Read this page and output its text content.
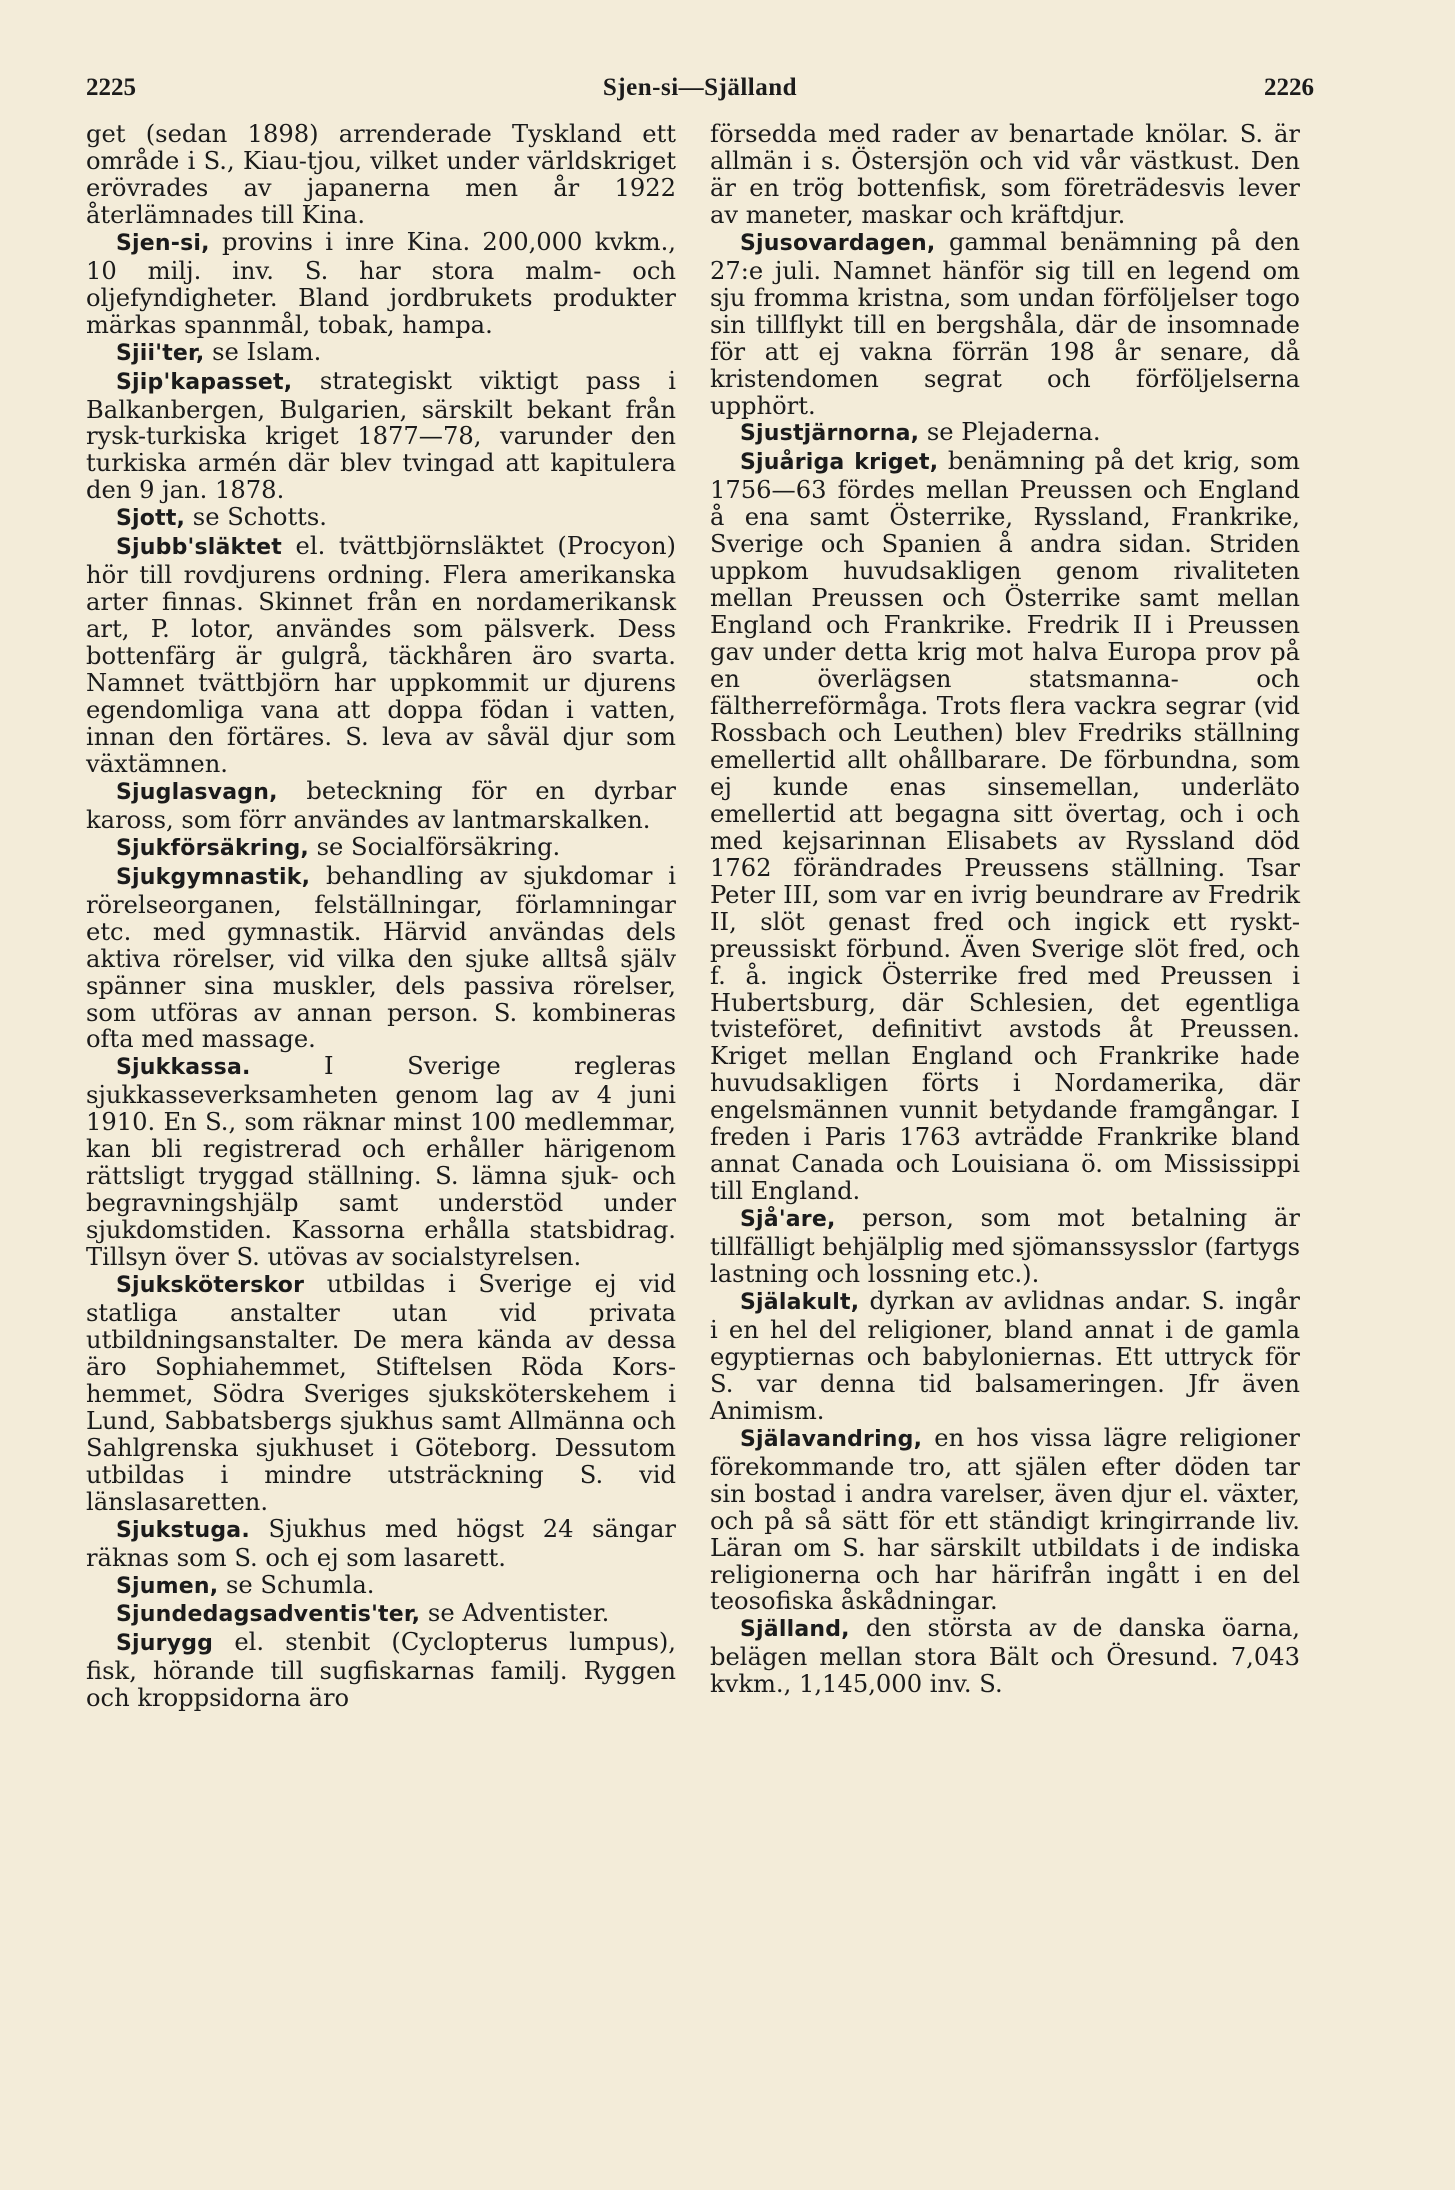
2225	Sjen-si—Själland	2226

get (sedan 1898) arrenderade Tyskland ett område i S., Kiau-tjou, vilket under världskriget erövrades av japanerna men år 1922 återlämnades till Kina.

Sjen-si, provins i inre Kina. 200,000 kvkm., 10 milj. inv. S. har stora malm- och oljefyndigheter. Bland jordbrukets produkter märkas spannmål, tobak, hampa.

Sjii'ter, se Islam.

Sjip'kapasset, strategiskt viktigt pass i Balkanbergen, Bulgarien, särskilt bekant från rysk-turkiska kriget 1877—78, varunder den turkiska armén där blev tvingad att kapitulera den 9 jan. 1878.

Sjott, se Schotts.

Sjubb'släktet el. tvättbjörnsläktet (Procyon) hör till rovdjurens ordning. Flera amerikanska arter finnas. Skinnet från en nordamerikansk art, P. lotor, användes som pälsverk. Dess bottenfärg är gulgrå, täckhåren äro svarta. Namnet tvättbjörn har uppkommit ur djurens egendomliga vana att doppa födan i vatten, innan den förtäres. S. leva av såväl djur som växtämnen.

Sjuglasvagn, beteckning för en dyrbar kaross, som förr användes av lantmarskalken.

Sjukförsäkring, se Socialförsäkring.

Sjukgymnastik, behandling av sjukdomar i rörelseorganen, felställningar, förlamningar etc. med gymnastik. Härvid användas dels aktiva rörelser, vid vilka den sjuke alltså själv spänner sina muskler, dels passiva rörelser, som utföras av annan person. S. kombineras ofta med massage.

Sjukkassa. I Sverige regleras sjukkasseverksamheten genom lag av 4 juni 1910. En S., som räknar minst 100 medlemmar, kan bli registrerad och erhåller härigenom rättsligt tryggad ställning. S. lämna sjuk- och begravningshjälp samt understöd under sjukdomstiden. Kassorna erhålla statsbidrag. Tillsyn över S. utövas av socialstyrelsen.

Sjuksköterskor utbildas i Sverige ej vid statliga anstalter utan vid privata utbildningsanstalter. De mera kända av dessa äro Sophiahemmet, Stiftelsen Röda Kors-hemmet, Södra Sveriges sjuksköterskehem i Lund, Sabbatsbergs sjukhus samt Allmänna och Sahlgrenska sjukhuset i Göteborg. Dessutom utbildas i mindre utsträckning S. vid länslasaretten.

Sjukstuga. Sjukhus med högst 24 sängar räknas som S. och ej som lasarett.

Sjumen, se Schumla.

Sjundedagsadventis'ter, se Adventister.

Sjurygg el. stenbit (Cyclopterus lumpus), fisk, hörande till sugfiskarnas familj. Ryggen och kroppsidorna äro

försedda med rader av benartade knölar. S. är allmän i s. Östersjön och vid vår västkust. Den är en trög bottenfisk, som företrädesvis lever av maneter, maskar och kräftdjur.

Sjusovardagen, gammal benämning på den 27:e juli. Namnet hänför sig till en legend om sju fromma kristna, som undan förföljelser togo sin tillflykt till en bergshåla, där de insomnade för att ej vakna förrän 198 år senare, då kristendomen segrat och förföljelserna upphört.

Sjustjärnorna, se Plejaderna.

Sjuåriga kriget, benämning på det krig, som 1756—63 fördes mellan Preussen och England å ena samt Österrike, Ryssland, Frankrike, Sverige och Spanien å andra sidan. Striden uppkom huvudsakligen genom rivaliteten mellan Preussen och Österrike samt mellan England och Frankrike. Fredrik II i Preussen gav under detta krig mot halva Europa prov på en överlägsen statsmanna- och fältherreförmåga. Trots flera vackra segrar (vid Rossbach och Leuthen) blev Fredriks ställning emellertid allt ohållbarare. De förbundna, som ej kunde enas sinsemellan, underläto emellertid att begagna sitt övertag, och i och med kejsarinnan Elisabets av Ryssland död 1762 förändrades Preussens ställning. Tsar Peter III, som var en ivrig beundrare av Fredrik II, slöt genast fred och ingick ett ryskt-preussiskt förbund. Även Sverige slöt fred, och f. å. ingick Österrike fred med Preussen i Hubertsburg, där Schlesien, det egentliga tvisteföret, definitivt avstods åt Preussen. Kriget mellan England och Frankrike hade huvudsakligen förts i Nordamerika, där engelsmännen vunnit betydande framgångar. I freden i Paris 1763 avträdde Frankrike bland annat Canada och Louisiana ö. om Mississippi till England.

Sjå'are, person, som mot betalning är tillfälligt behjälplig med sjömanssysslor (fartygs lastning och lossning etc.).

Själakult, dyrkan av avlidnas andar. S. ingår i en hel del religioner, bland annat i de gamla egyptiernas och babyloniernas. Ett uttryck för S. var denna tid balsameringen. Jfr även Animism.

Själavandring, en hos vissa lägre religioner förekommande tro, att själen efter döden tar sin bostad i andra varelser, även djur el. växter, och på så sätt för ett ständigt kringirrande liv. Läran om S. har särskilt utbildats i de indiska religionerna och har härifrån ingått i en del teosofiska åskådningar.

Själland, den största av de danska öarna, belägen mellan stora Bält och Öresund. 7,043 kvkm., 1,145,000 inv. S.
